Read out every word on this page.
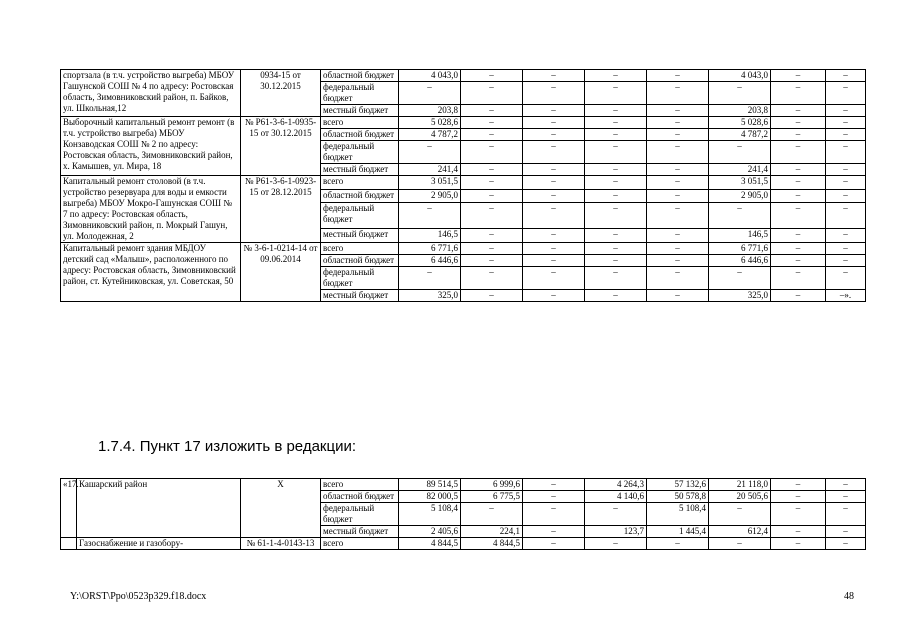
спортзала (в т.ч. устройство выгреба) МБОУ Гашунской СОШ № 4 по адресу: Ростовская область, Зимовниковский район, п. Байков, ул. Школьная,12	0934-15 от 30.12.2015	областной бюджет	4 043,0	–	–	–	–	4 043,0	–	–
		федеральный бюджет	–	–	–	–	–	–	–	–
		местный бюджет	203,8	–	–	–	–	203,8	–	–
Выборочный капитальный ремонт ремонт (в т.ч. устройство выгреба) МБОУ Конзаводская СОШ № 2 по адресу: Ростовская область, Зимовниковский район, х. Камышев, ул. Мира, 18	№ Р61-3-6-1-0935-15 от 30.12.2015	всего	5 028,6	–	–	–	–	5 028,6	–	–
		областной бюджет	4 787,2	–	–	–	–	4 787,2	–	–
		федеральный бюджет	–	–	–	–	–	–	–	–
		местный бюджет	241,4	–	–	–	–	241,4	–	–
Капитальный ремонт столовой (в т.ч. устройство резервуара для воды и емкости выгреба) МБОУ Мокро-Гашунская СОШ № 7 по адресу: Ростовская область, Зимовниковский район, п. Мокрый Гашун, ул. Молодежная, 2	№ Р61-3-6-1-0923-15 от 28.12.2015	всего	3 051,5	–	–	–	–	3 051,5	–	–
		областной бюджет	2 905,0	–	–	–	–	2 905,0	–	–
		федеральный бюджет	–	–	–	–	–	–	–	–
		местный бюджет	146,5	–	–	–	–	146,5	–	–
Капитальный ремонт здания МБДОУ детский сад «Малыш», расположенного по адресу: Ростовская область, Зимовниковский район, ст. Кутейниковская, ул. Советская, 50	№ 3-6-1-0214-14 от 09.06.2014	всего	6 771,6	–	–	–	–	6 771,6	–	–
		областной бюджет	6 446,6	–	–	–	–	6 446,6	–	–
		федеральный бюджет	–	–	–	–	–	–	–	–
		местный бюджет	325,0	–	–	–	–	325,0	–	–».
1.7.4. Пункт 17 изложить в редакции:
«17.	Кашарский район	Х	всего	89 514,5	6 999,6	–	4 264,3	57 132,6	21 118,0	–	–
			областной бюджет	82 000,5	6 775,5	–	4 140,6	50 578,8	20 505,6	–	–
			федеральный бюджет	5 108,4	–	–	–	5 108,4	–	–	–
			местный бюджет	2 405,6	224,1	–	123,7	1 445,4	612,4	–	–
	Газоснабжение и газоборy-	№ 61-1-4-0143-13	всего	4 844,5	4 844,5	–	–	–	–	–	–
Y:\ORST\Ppo\0523p329.f18.docx	48
